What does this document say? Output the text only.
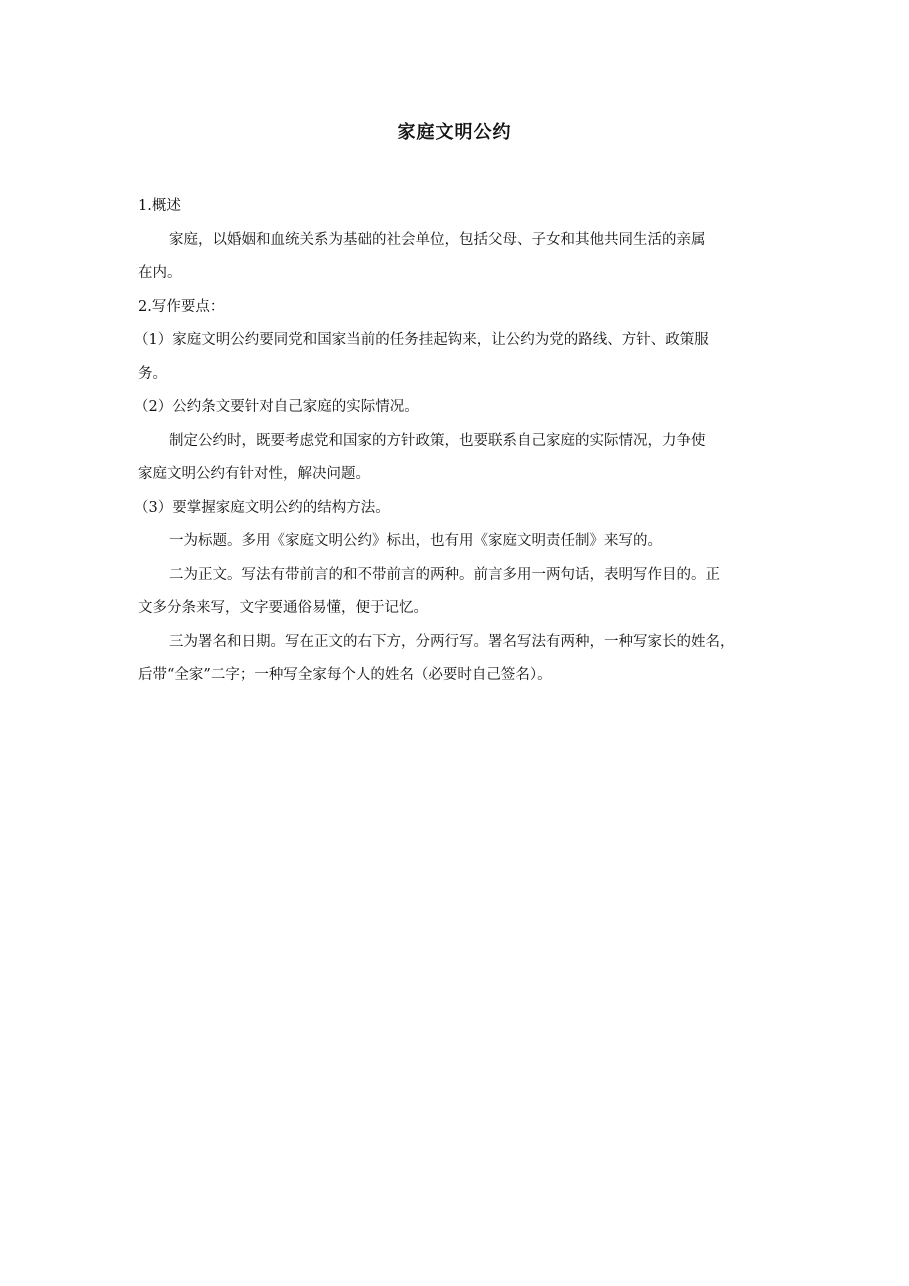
家庭文明公约
1.概述
家庭，以婚姻和血统关系为基础的社会单位，包括父母、子女和其他共同生活的亲属
在内。
2.写作要点：
（1）家庭文明公约要同党和国家当前的任务挂起钩来，让公约为党的路线、方针、政策服
务。
（2）公约条文要针对自己家庭的实际情况。
制定公约时，既要考虑党和国家的方针政策，也要联系自己家庭的实际情况，力争使
家庭文明公约有针对性，解决问题。
（3）要掌握家庭文明公约的结构方法。
一为标题。多用《家庭文明公约》标出，也有用《家庭文明责任制》来写的。
二为正文。写法有带前言的和不带前言的两种。前言多用一两句话，表明写作目的。正
文多分条来写，文字要通俗易懂，便于记忆。
三为署名和日期。写在正文的右下方，分两行写。署名写法有两种，一种写家长的姓名，
后带“全家”二字；一种写全家每个人的姓名（必要时自己签名）。
